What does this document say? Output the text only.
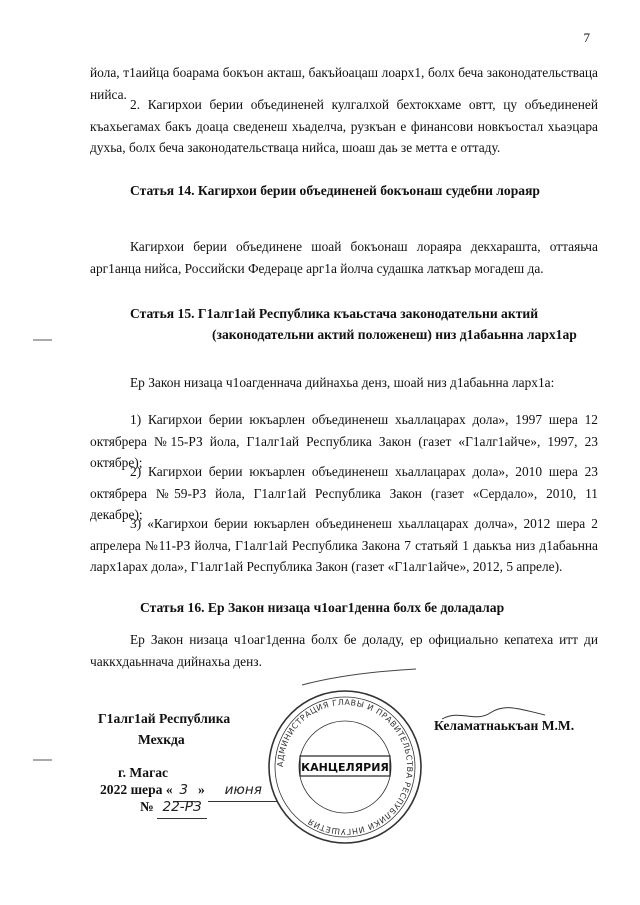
7

йола, т1аийца боарама бокъон акташ, бакъйоацаш лоарх1, болх беча законодательстваца нийса.

2. Кагирхои берии объединеней кулгалхой бехтокхаме овтт, цу объединеней къахьегамах бакъ доаца сведенеш хьаделча, рузкъан е финансови новкъостал хьаэцара духьа, болх беча законодательстваца нийса, шоаш даь зе метта е оттаду.

Статья 14. Кагирхои берии объединеней бокъонаш судебни лораяр

Кагирхои берии объединене шоай бокъонаш лораяра декхараштa, оттаяьча арг1анца нийса, Российски Федераце арг1а йолча судашка латкъар могадеш да.

Статья 15. Г1алг1ай Республика къаьстача законодательни актий (законодательни актий положенеш) низ д1абаьнна ларх1ар

Ер Закон низаца ч1оагденнача дийнахьа денз, шоай низ д1абаьнна ларх1а:

1) Кагирхои берии юкъарлен объединенеш хьаллацарах дола», 1997 шера 12 октябрера №15-РЗ йола, Г1алг1ай Республика Закон (газет «Г1алг1айче», 1997, 23 октябре);

2) Кагирхои берии юкъарлен объединенеш хьаллацарах дола», 2010 шера 23 октябрера №59-РЗ йола, Г1алг1ай Республика Закон (газет «Сердало», 2010, 11 декабре);

3) «Кагирхои берии юкъарлен объединенеш хьаллацарах долча», 2012 шера 2 апрелера №11-РЗ йолча, Г1алг1ай Республика Закона 7 статьяй 1 даькъа низ д1абаьнна ларх1арах дола», Г1алг1ай Республика Закон (газет «Г1алг1айче», 2012, 5 апреле).

Статья 16. Ер Закон низаца ч1оаг1денна болх бе доладалар

Ер Закон низаца ч1оаг1денна болх бе доладу, ер официально кепатеха итт ди чаккхдаьннача дийнахьа денз.

Г1алг1ай Республика
Мехкда
АДМИНИСТРАЦИЯ ГЛАВЫ И ПРАВИТЕЛЬСТВА РЕСПУБЛИКИ ИНГУШЕТИЯ
КАНЦЕЛЯРИЯ
Келаматнаькъан М.М.
г. Магас
2022 шера « 3 » июня
№ 22-РЗ
